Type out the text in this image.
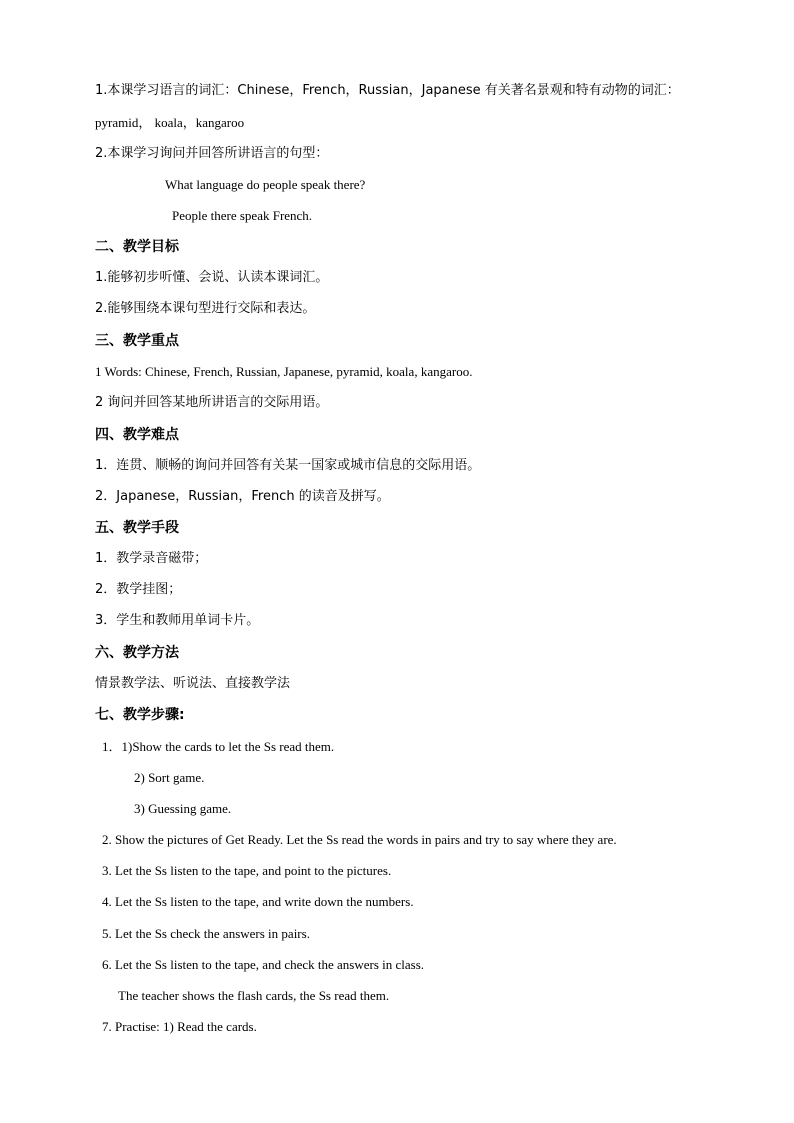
1.本课学习语言的词汇：Chinese，French，Russian，Japanese 有关著名景观和特有动物的词汇：
pyramid， koala，kangaroo
2.本课学习询问并回答所讲语言的句型：
What language do people speak there?
People there speak French.
二、教学目标
1.能够初步听懂、会说、认读本课词汇。
2.能够围绕本课句型进行交际和表达。
三、教学重点
1 Words: Chinese, French, Russian, Japanese, pyramid, koala, kangaroo.
2 询问并回答某地所讲语言的交际用语。
四、教学难点
1．连贯、顺畅的询问并回答有关某一国家或城市信息的交际用语。
2．Japanese，Russian，French 的读音及拼写。
五、教学手段
1．教学录音磁带；
2．教学挂图；
3．学生和教师用单词卡片。
六、教学方法
情景教学法、听说法、直接教学法
七、教学步骤:
1．1)Show the cards to let the Ss read them.
2) Sort game.
3) Guessing game.
2. Show the pictures of Get Ready. Let the Ss read the words in pairs and try to say where they are.
3. Let the Ss listen to the tape, and point to the pictures.
4. Let the Ss listen to the tape, and write down the numbers.
5. Let the Ss check the answers in pairs.
6. Let the Ss listen to the tape, and check the answers in class.
The teacher shows the flash cards, the Ss read them.
7. Practise: 1) Read the cards.
